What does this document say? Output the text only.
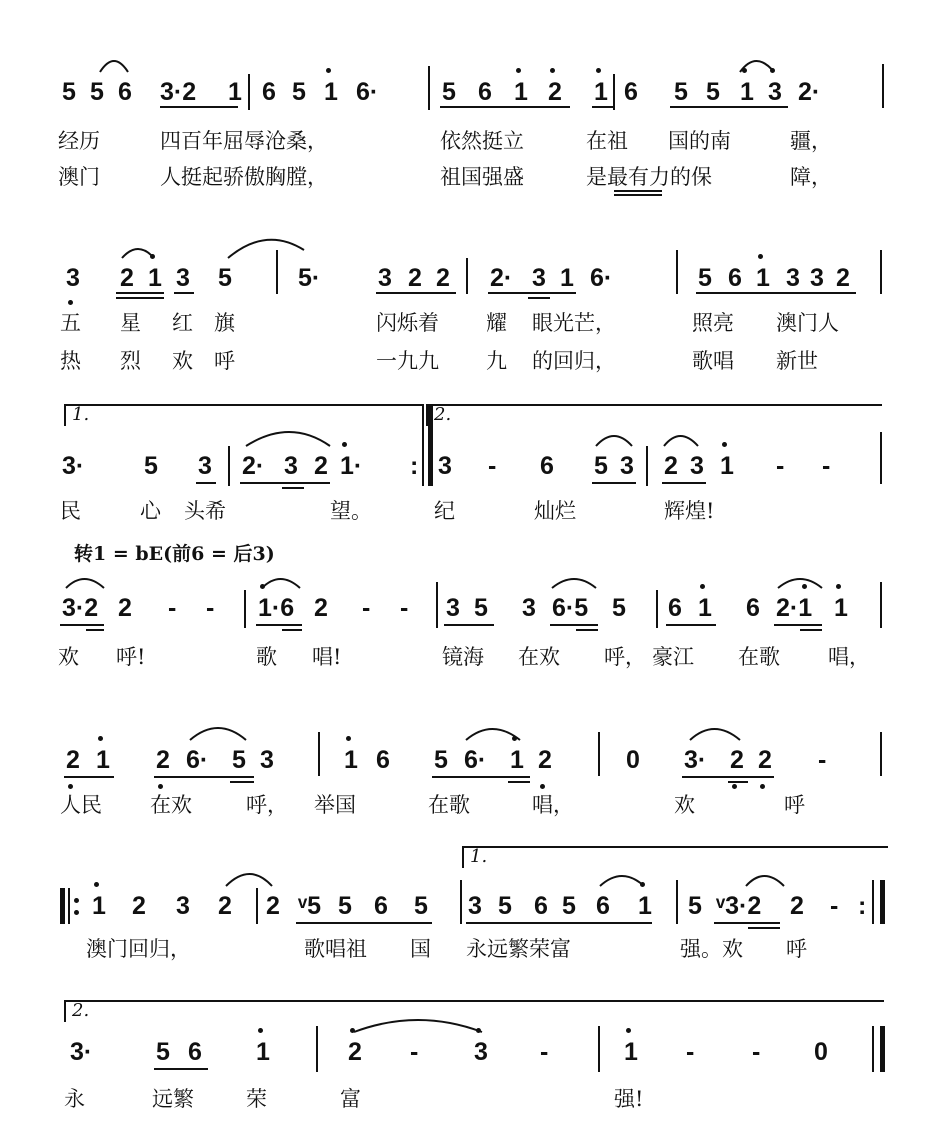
5 5 6 3·2 1 6 5 1 6·	5 6 1 2 1 6 5 5 1 3 2·
经历	四百年屈辱沧桑，	依然挺立	在祖 国的南	疆，
澳门	人挺起骄傲胸膛，	祖国强盛	是最有力的保	障，
3 2 1 3 5	5· 3 2 2 2· 3 1 6·	5 6 1 3 3 2
五 星 红 旗	闪烁着 耀 眼光芒，	照亮 澳门人
热 烈 欢 呼	一九九 九 的回归，	歌唱 新世
1.	2.
3· 5 3 2· 3 2 1· : 3 - 6 5 3 2 3 1 - -
民	心 头希	望。	纪	灿烂	辉煌!
转1 = bE(前6 = 后3)
3·2 2 - - 1·6 2 - - 3 5 3 6·5 5 6 1 6 2·1 1
欢 呼!	歌 唱!	镜海 在欢 呼， 豪江 在歌 唱，
2 1 2 6· 5 3	1 6 5 6· 1 2	0 3· 2 2 -
人民 在欢	呼， 举国	在歌	唱，	欢	呼
1.
1 2 3 2 2 ᵛ5 5 6 5 3 5 6 5 6 1 5 ᵛ3·2 2 - :
澳门回归，	歌唱祖 国 永远繁荣富	强。欢 呼
2.
3·	5 6 1	2 - 3 -	1 - - 0
永	远繁 荣	富	强!
